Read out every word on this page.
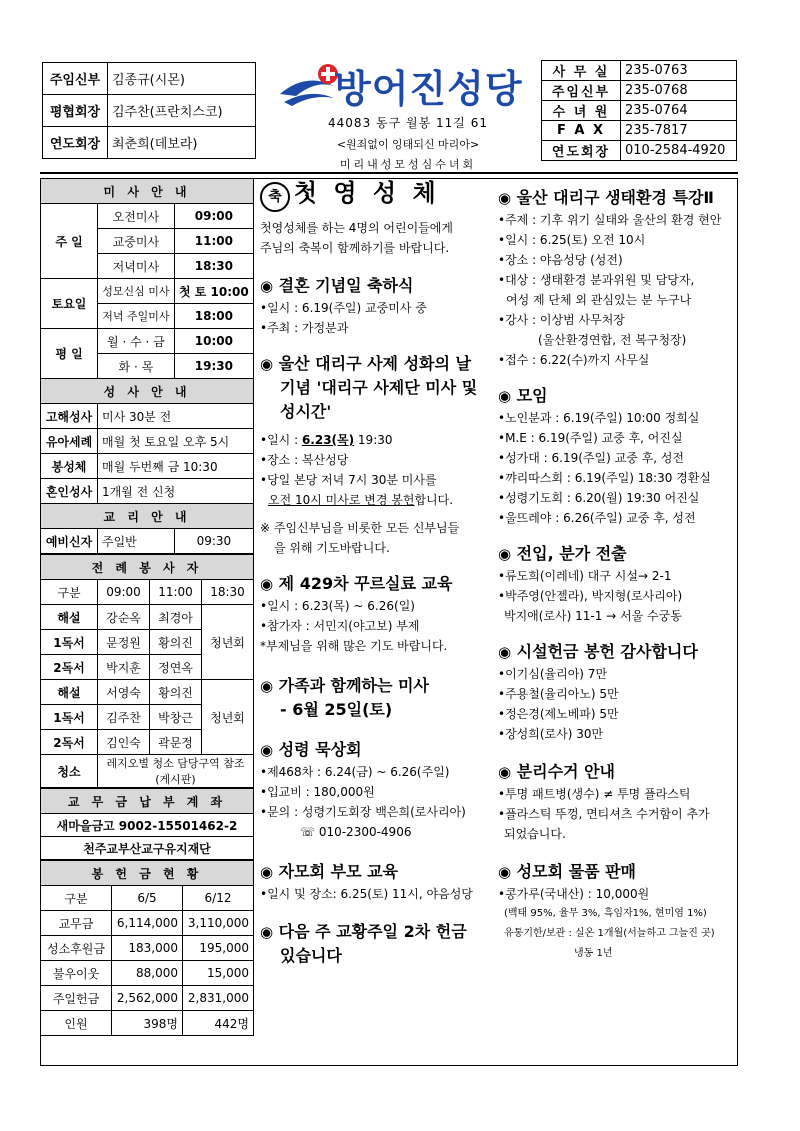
주임신부	김종규(시몬)
평협회장	김주찬(프란치스코)
연도회장	최춘희(데보라)
방어진성당
44083 동구 월봉 11길 61
<원죄없이 잉태되신 마리아>
미리내성모성심수녀회
사 무 실	235-0763
주임신부	235-0768
수 녀 원	235-0764
F A X	235-7817
연도회장	010-2584-4920
미 사 안 내		
주 일	오전미사	09:00
	교중미사	11:00
	저녁미사	18:30
토요일	성모신심 미사	첫 토 10:00
	저녁 주일미사	18:00
평 일	월 · 수 · 금	10:00
	화 · 목	19:30
성 사 안 내		
고해성사	미사 30분 전	
유아세례	매월 첫 토요일 오후 5시	
봉성체	매월 두번째 금 10:30	
혼인성사	1개월 전 신청	
교 리 안 내		
예비신자	주일반	09:30
전 례 봉 사 자			
구분	09:00	11:00	18:30
해설	강순옥	최경아	청년회
1독서	문정원	황의진	
2독서	박지훈	정연옥	
해설	서영숙	황의진	청년회
1독서	김주찬	박창근	
2독서	김인숙	곽문정	
청소	레지오별 청소 담당구역 참조 (게시판)		
교 무 금 납 부 계 좌
새마을금고 9002-15501462-2
천주교부산교구유지재단
봉 헌 금 현 황		
구분	6/5	6/12
교무금	6,114,000	3,110,000
성소후원금	183,000	195,000
불우이웃	88,000	15,000
주일헌금	2,562,000	2,831,000
인원	398명	442명

축 첫 영 성 체

첫영성체를 하는 4명의 어린이들에게

주님의 축복이 함께하기를 바랍니다.

◉ 결혼 기념일 축하식

•일시 : 6.19(주일) 교중미사 중

•주최 : 가정분과

◉ 울산 대리구 사제 성화의 날

기념 '대리구 사제단 미사 및

성시간'

•일시 : 6.23(목) 19:30

•장소 : 복산성당

•당일 본당 저녁 7시 30분 미사를

오전 10시 미사로 변경 봉헌합니다.

※ 주임신부님을 비롯한 모든 신부님들

을 위해 기도바랍니다.

◉ 제 429차 꾸르실료 교육

•일시 : 6.23(목) ~ 6.26(일)

•참가자 : 서민지(야고보) 부제

*부제님을 위해 많은 기도 바랍니다.

◉ 가족과 함께하는 미사

- 6월 25일(토)

◉ 성령 묵상회

•제468차 : 6.24(금) ~ 6.26(주일)

•입교비 : 180,000원

•문의 : 성령기도회장 백은희(로사리아)

☏ 010-2300-4906

◉ 자모회 부모 교육

•일시 및 장소: 6.25(토) 11시, 야음성당

◉ 다음 주 교황주일 2차 헌금

있습니다

◉ 울산 대리구 생태환경 특강Ⅱ

•주제 : 기후 위기 실태와 울산의 환경 현안

•일시 : 6.25(토) 오전 10시

•장소 : 야음성당 (성전)

•대상 : 생태환경 분과위원 및 담당자,

여성 제 단체 외 관심있는 분 누구나

•강사 : 이상범 사무처장

(울산환경연합, 전 복구청장)

•접수 : 6.22(수)까지 사무실

◉ 모임

•노인분과 : 6.19(주일) 10:00 정희실

•M.E : 6.19(주일) 교중 후, 어진실

•성가대 : 6.19(주일) 교중 후, 성전

•꺄리따스회 : 6.19(주일) 18:30 경환실

•성령기도회 : 6.20(월) 19:30 어진실

•울뜨레야 : 6.26(주일) 교중 후, 성전

◉ 전입, 분가 전출

•류도희(이레네) 대구 시설→ 2-1

•박주영(안젤라), 박지형(로사리아)

박지애(로사) 11-1 → 서울 수궁동

◉ 시설헌금 봉헌 감사합니다

•이기심(율리아) 7만

•주용철(율리아노) 5만

•정은경(제노베파) 5만

•장성희(로사) 30만

◉ 분리수거 안내

•투명 패트병(생수) ≠ 투명 플라스틱

•플라스틱 뚜껑, 면티셔츠 수거함이 추가

되었습니다.

◉ 성모회 물품 판매

•콩가루(국내산) : 10,000원

(백태 95%, 율무 3%, 흑임자1%, 현미염 1%)

유통기한/보관 : 실온 1개월(서늘하고 그늘진 곳)

냉동 1년
